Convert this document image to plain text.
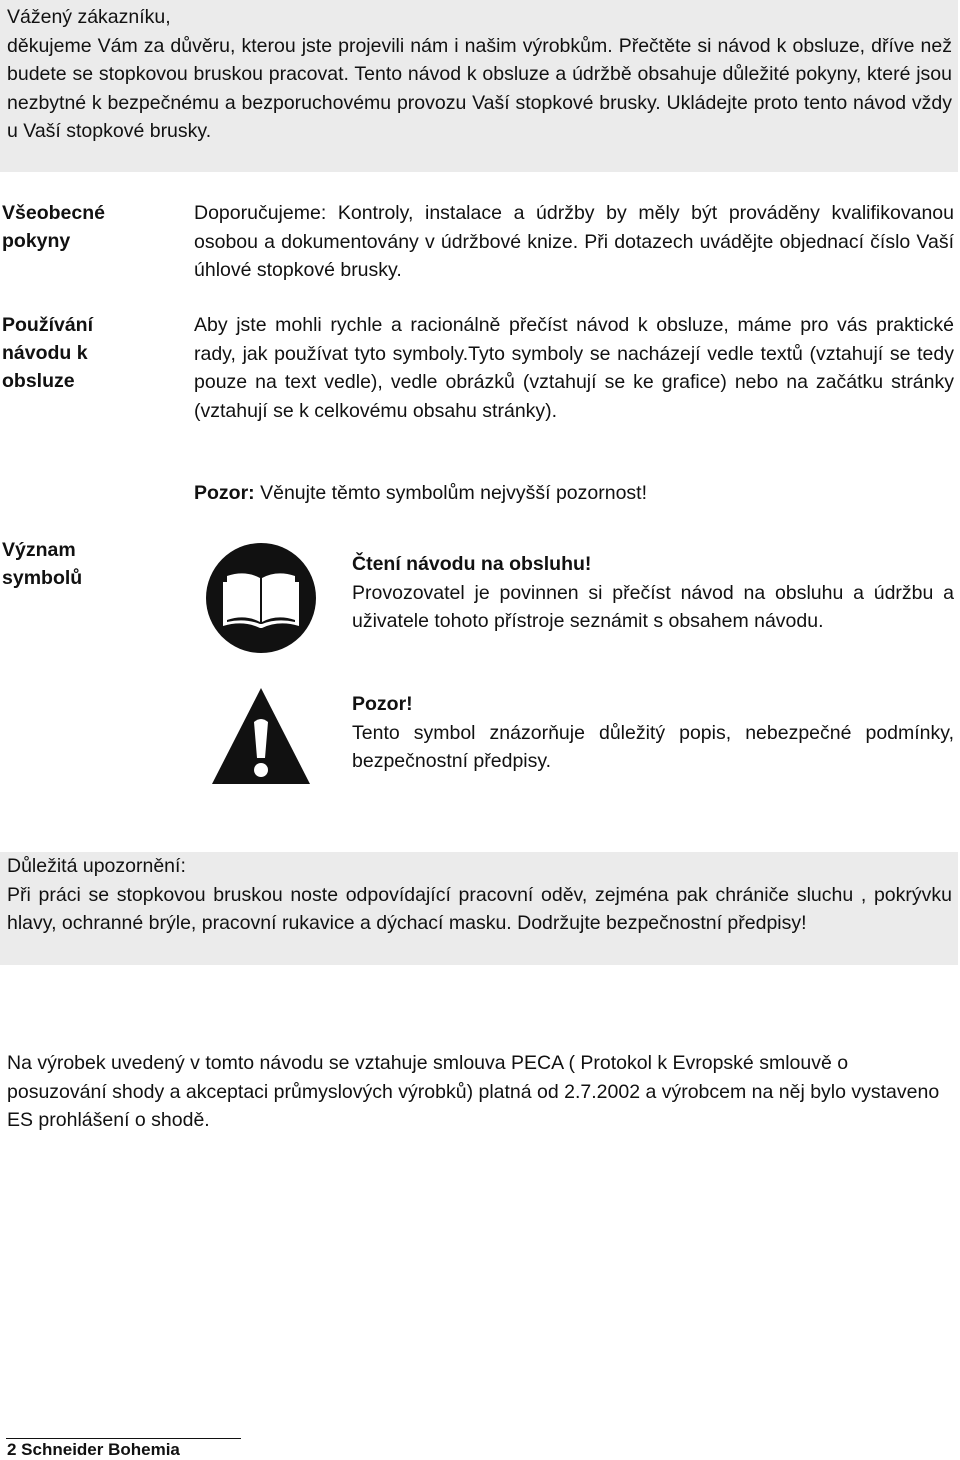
Vážený zákazníku,

děkujeme Vám za důvěru, kterou jste projevili nám i našim výrobkům. Přečtěte si návod k obsluze, dříve než budete se stopkovou bruskou pracovat. Tento návod k obsluze a údržbě obsahuje důležité pokyny, které jsou nezbytné k bezpečnému a bezporuchovému provozu Vaší stopkové brusky. Ukládejte proto tento návod vždy u Vaší stopkové brusky.

Všeobecné
pokyny

Doporučujeme: Kontroly, instalace a údržby by měly být prováděny kvalifikovanou osobou a dokumentovány v údržbové knize. Při dotazech uvádějte objednací číslo Vaší úhlové stopkové brusky.

Používání
návodu k
obsluze

Aby jste mohli rychle a racionálně přečíst návod k obsluze, máme pro vás praktické rady, jak používat tyto symboly.Tyto symboly se nacházejí vedle textů (vztahují se tedy pouze na text vedle), vedle obrázků (vztahují se ke grafice) nebo na začátku stránky (vztahují se k celkovému obsahu stránky).

Pozor: Věnujte těmto symbolům nejvyšší pozornost!

Význam
symbolů

Čtení návodu na obsluhu!

Provozovatel je povinnen si přečíst návod na obsluhu a údržbu a uživatele tohoto přístroje seznámit s obsahem návodu.

Pozor!

Tento symbol znázorňuje důležitý popis, nebezpečné podmínky, bezpečnostní předpisy.

Důležitá upozornění:

Při práci se stopkovou bruskou noste odpovídající pracovní oděv, zejména pak chrániče sluchu , pokrývku hlavy, ochranné brýle, pracovní rukavice a dýchací masku. Dodržujte bezpečnostní předpisy!

Na výrobek uvedený v tomto návodu se vztahuje smlouva PECA ( Protokol k Evropské smlouvě o posuzování shody a akceptaci průmyslových výrobků) platná od 2.7.2002 a výrobcem na něj bylo vystaveno ES prohlášení o shodě.

2 Schneider Bohemia
